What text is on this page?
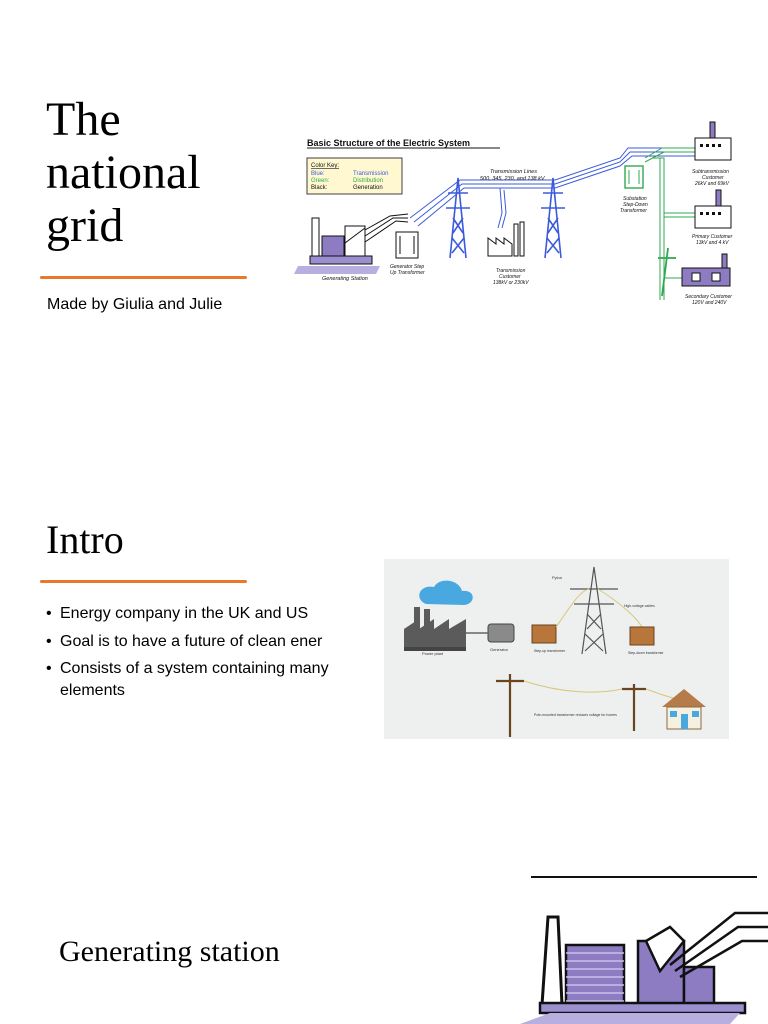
The
national
grid
Made by Giulia and Julie
Basic Structure of the Electric System
Color Key:
Blue:	Transmission
Green:	Distribution
Black:	Generation
Generating Station
Generator Step
Up Transformer
Transmission Lines
500, 345, 230, and 138 kV
Transmission
Customer
138kV or 230kV
Substation
Step-Down
Transformer
Subtransmission
Customer
26kV and 69kV
Primary Customer
13kV and 4 kV
Secondary Customer
120V and 240V
Intro
• Energy company in the UK and US
• Goal is to have a future of clean ener
• Consists of a system containing many elements
Power plant
Generator	Step-up transformer
Pylon
High-voltage cables
Step-down transformer
Pole-mounted transformer reduces voltage for homes
Generating station
